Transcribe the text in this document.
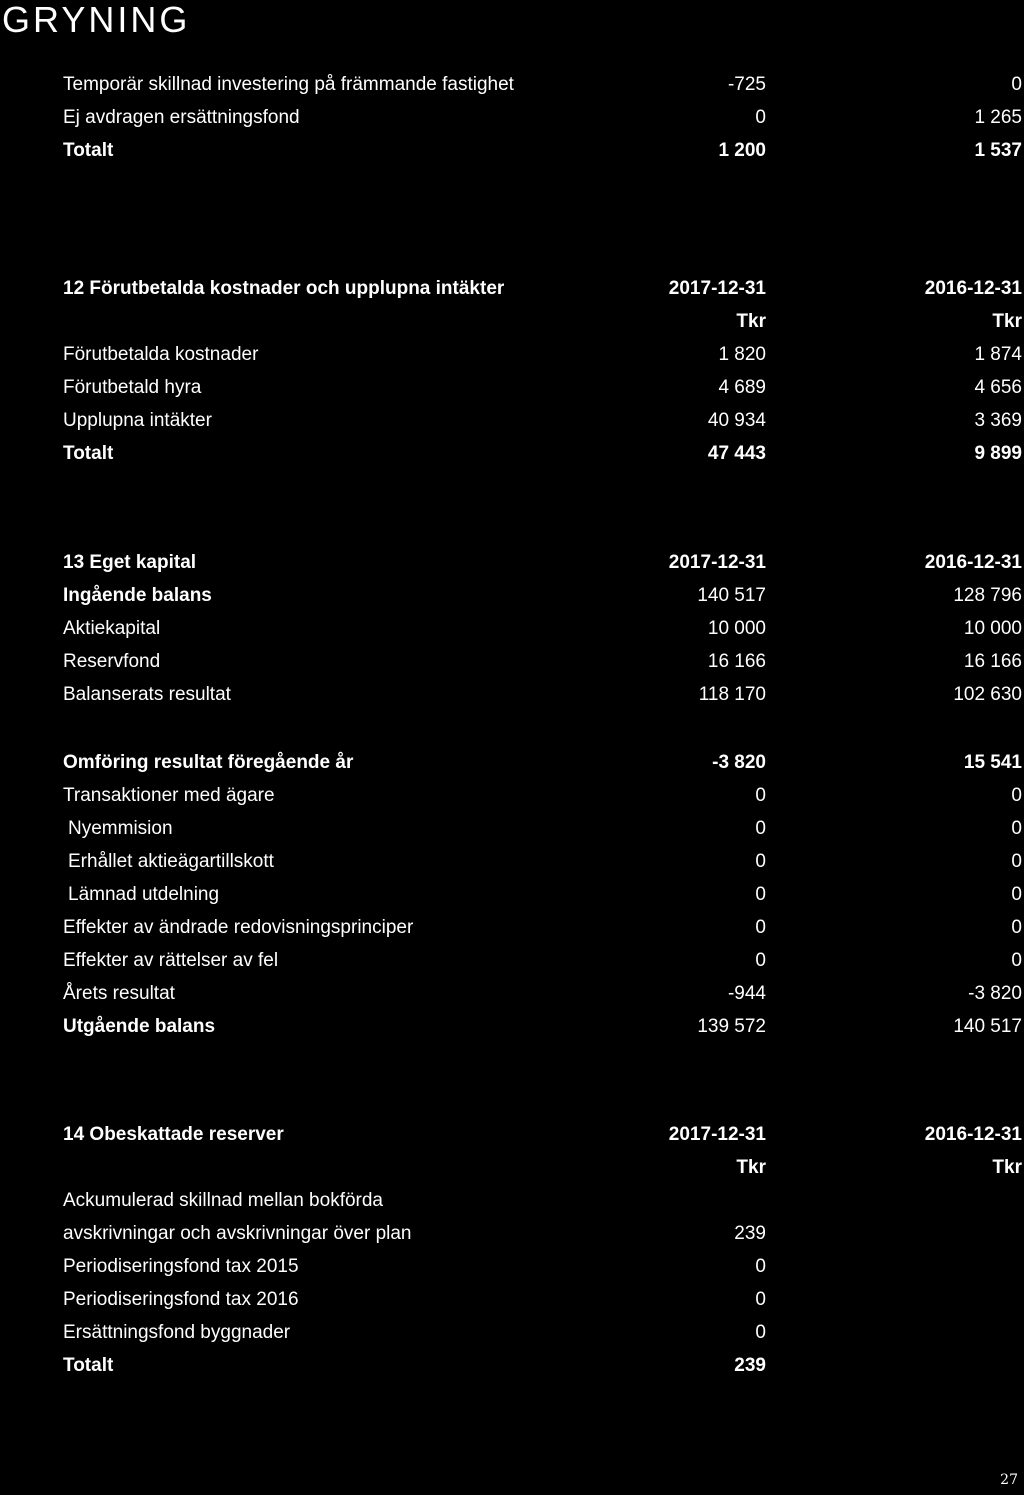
GRYNING
Temporär skillnad investering på främmande fastighet	-725	0
Ej avdragen ersättningsfond	0	1 265
Totalt	1 200	1 537
12 Förutbetalda kostnader och upplupna intäkter	2017-12-31	2016-12-31
Tkr	Tkr
Förutbetalda kostnader	1 820	1 874
Förutbetald hyra	4 689	4 656
Upplupna intäkter	40 934	3 369
Totalt	47 443	9 899
13 Eget kapital	2017-12-31	2016-12-31
Ingående balans	140 517	128 796
Aktiekapital	10 000	10 000
Reservfond	16 166	16 166
Balanserats resultat	118 170	102 630
Omföring resultat föregående år	-3 820	15 541
Transaktioner med ägare	0	0
Nyemmision	0	0
Erhållet aktieägartillskott	0	0
Lämnad utdelning	0	0
Effekter av ändrade redovisningsprinciper	0	0
Effekter av rättelser av fel	0	0
Årets resultat	-944	-3 820
Utgående balans	139 572	140 517
14 Obeskattade reserver	2017-12-31	2016-12-31
Tkr	Tkr
Ackumulerad skillnad mellan bokförda
avskrivningar och avskrivningar över plan	239
Periodiseringsfond tax 2015	0
Periodiseringsfond tax 2016	0
Ersättningsfond byggnader	0
Totalt	239
27
